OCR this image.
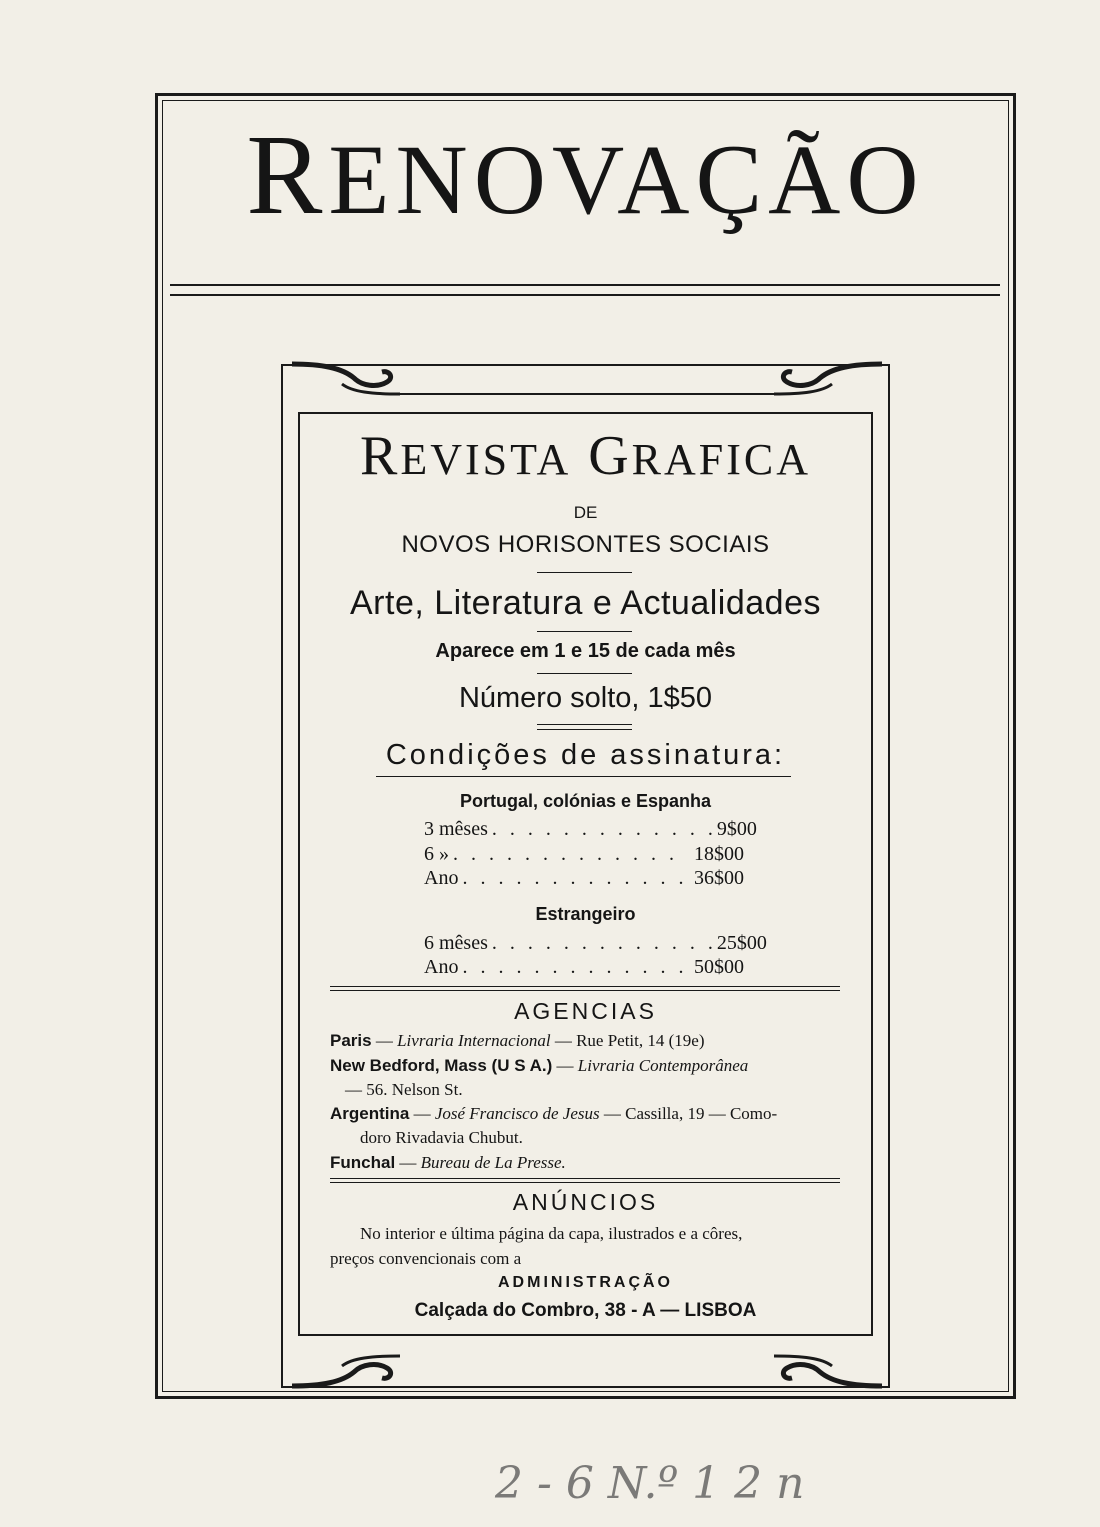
RENOVAÇÃO
REVISTA GRAFICA
DE
NOVOS HORISONTES SOCIAIS
Arte, Literatura e Actualidades
Aparece em 1 e 15 de cada mês
Número solto, 1$50
Condições de assinatura:
Portugal, colónias e Espanha
3 mêses . . . . . . . . . . . . . 9$00
6 » . . . . . . . . . . . . . 18$00
Ano . . . . . . . . . . . . . 36$00
Estrangeiro
6 mêses . . . . . . . . . . . . . 25$00
Ano . . . . . . . . . . . . . 50$00
AGENCIAS
Paris — Livraria Internacional — Rue Petit, 14 (19e)
New Bedford, Mass (U S A.) — Livraria Contemporânea
— 56. Nelson St.
Argentina — José Francisco de Jesus — Cassilla, 19 — Como-
doro Rivadavia Chubut.
Funchal — Bureau de La Presse.
ANÚNCIOS
No interior e última página da capa, ilustrados e a côres,
preços convencionais com a
ADMINISTRAÇÃO
Calçada do Combro, 38 - A — LISBOA
2 - 6 N.º 1 2 n
